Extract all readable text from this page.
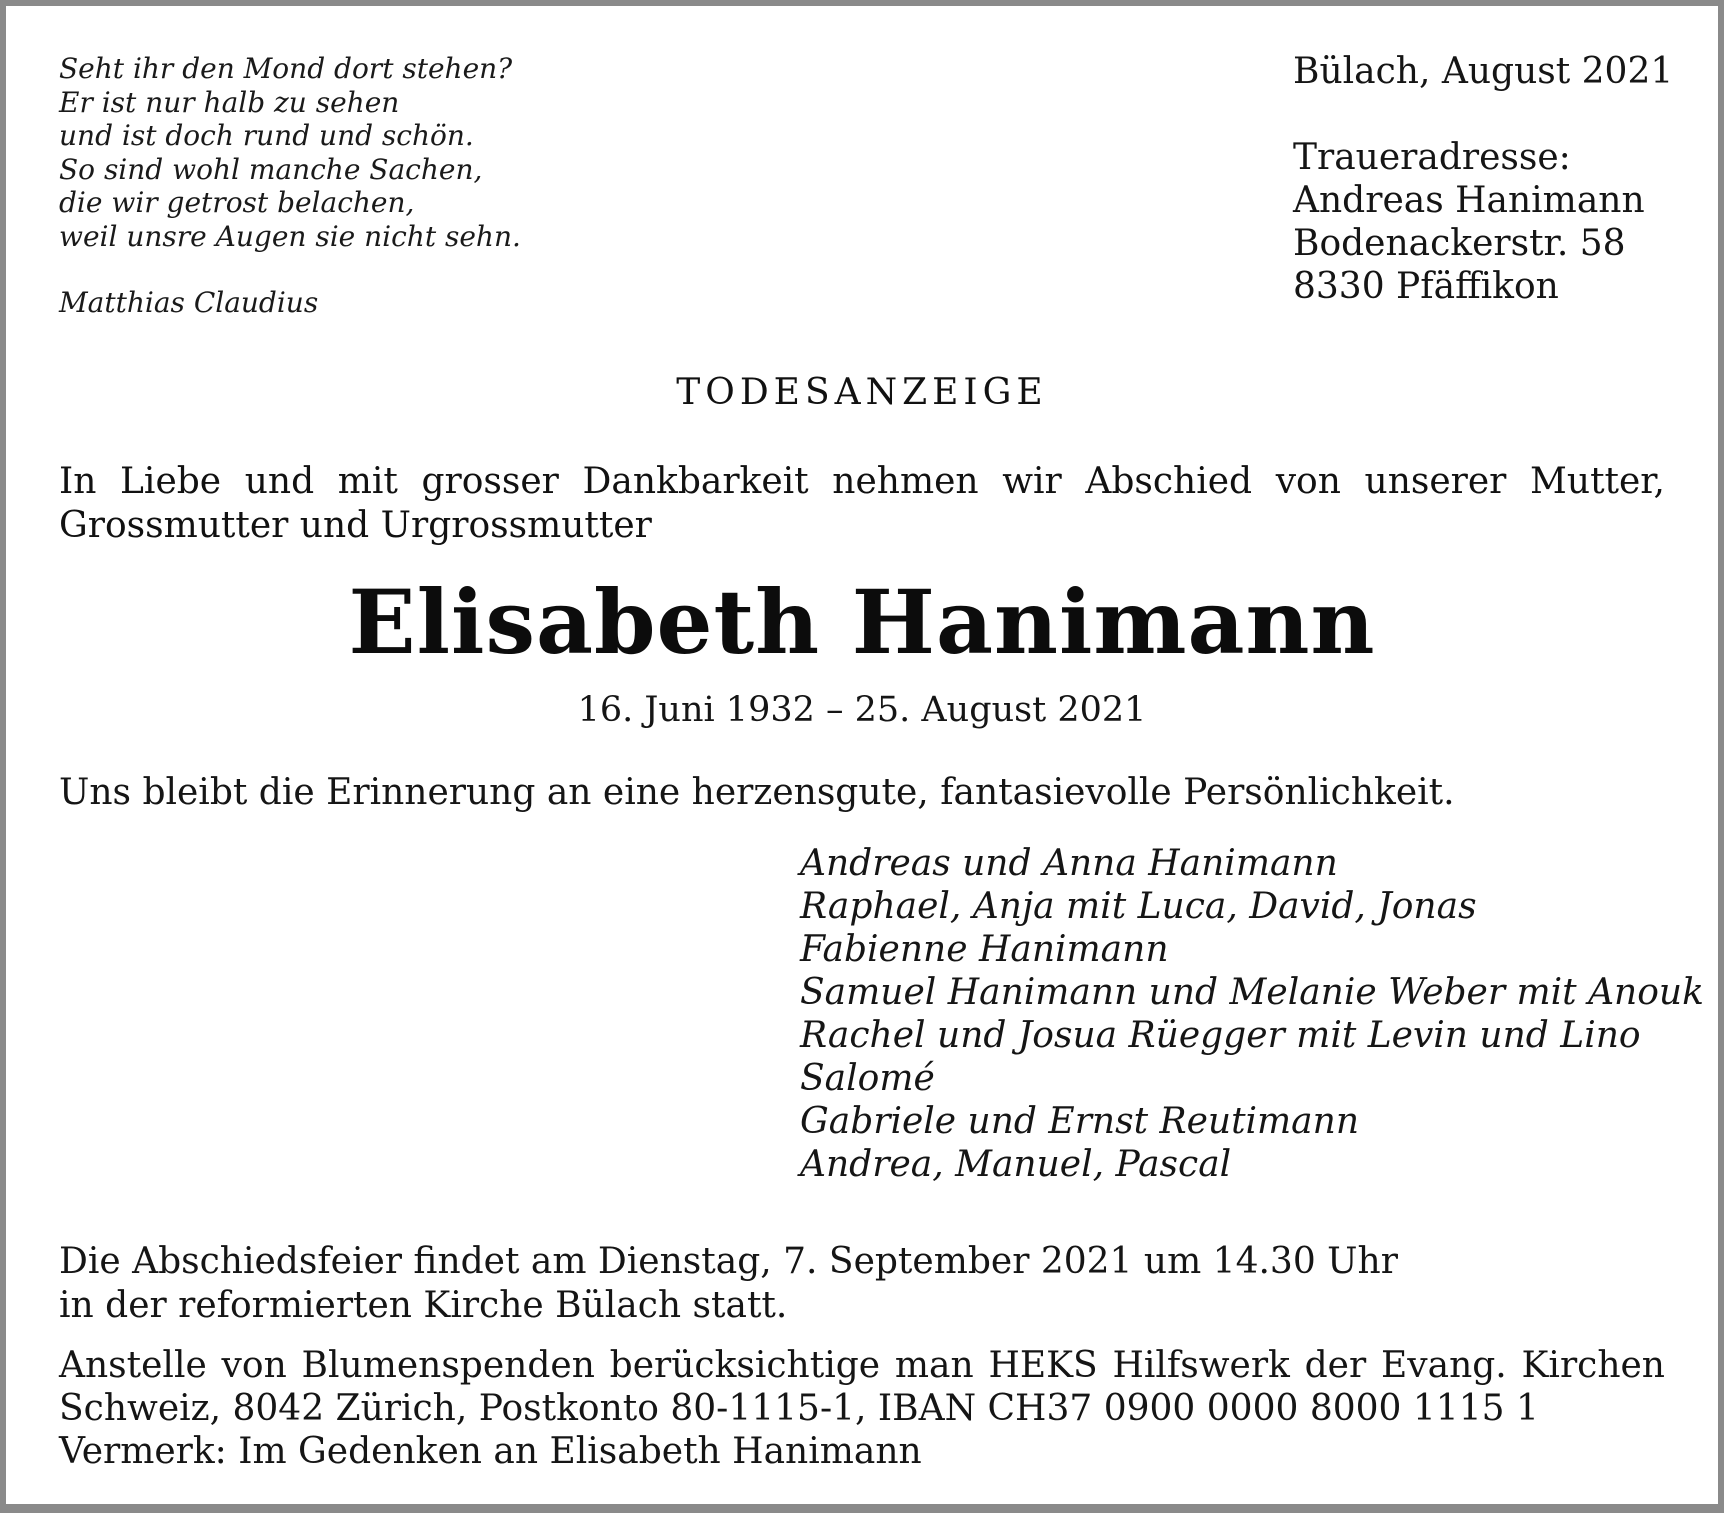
Seht ihr den Mond dort stehen?
Er ist nur halb zu sehen
und ist doch rund und schön.
So sind wohl manche Sachen,
die wir getrost belachen,
weil unsre Augen sie nicht sehn.
Matthias Claudius
Bülach, August 2021
Traueradresse:
Andreas Hanimann
Bodenackerstr. 58
8330 Pfäffikon
TODESANZEIGE
In Liebe und mit grosser Dankbarkeit nehmen wir Abschied von unserer Mutter,
Grossmutter und Urgrossmutter
Elisabeth Hanimann
16. Juni 1932 – 25. August 2021
Uns bleibt die Erinnerung an eine herzensgute, fantasievolle Persönlichkeit.
Andreas und Anna Hanimann
Raphael, Anja mit Luca, David, Jonas
Fabienne Hanimann
Samuel Hanimann und Melanie Weber mit Anouk
Rachel und Josua Rüegger mit Levin und Lino
Salomé
Gabriele und Ernst Reutimann
Andrea, Manuel, Pascal
Die Abschiedsfeier findet am Dienstag, 7. September 2021 um 14.30 Uhr
in der reformierten Kirche Bülach statt.
Anstelle von Blumenspenden berücksichtige man HEKS Hilfswerk der Evang. Kirchen
Schweiz, 8042 Zürich, Postkonto 80-1115-1, IBAN CH37 0900 0000 8000 1115 1
Vermerk: Im Gedenken an Elisabeth Hanimann
